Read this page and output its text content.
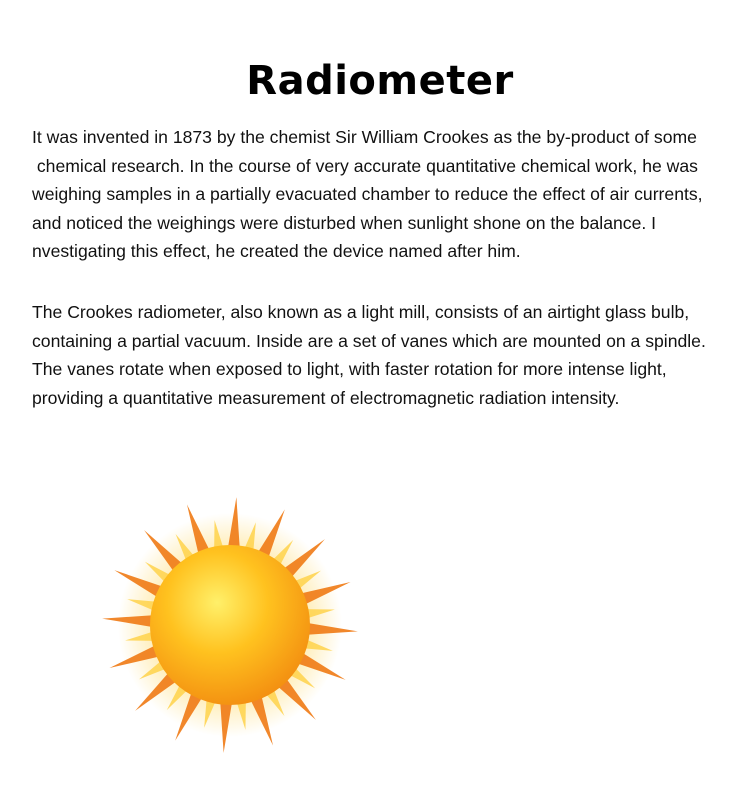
Radiometer

It was invented in 1873 by the chemist Sir William Crookes as the by-product of some
chemical research. In the course of very accurate quantitative chemical work, he was
weighing samples in a partially evacuated chamber to reduce the effect of air currents,
and noticed the weighings were disturbed when sunlight shone on the balance. I
nvestigating this effect, he created the device named after him.

The Crookes radiometer, also known as a light mill, consists of an airtight glass bulb,
containing a partial vacuum. Inside are a set of vanes which are mounted on a spindle.
The vanes rotate when exposed to light, with faster rotation for more intense light,
providing a quantitative measurement of electromagnetic radiation intensity.
